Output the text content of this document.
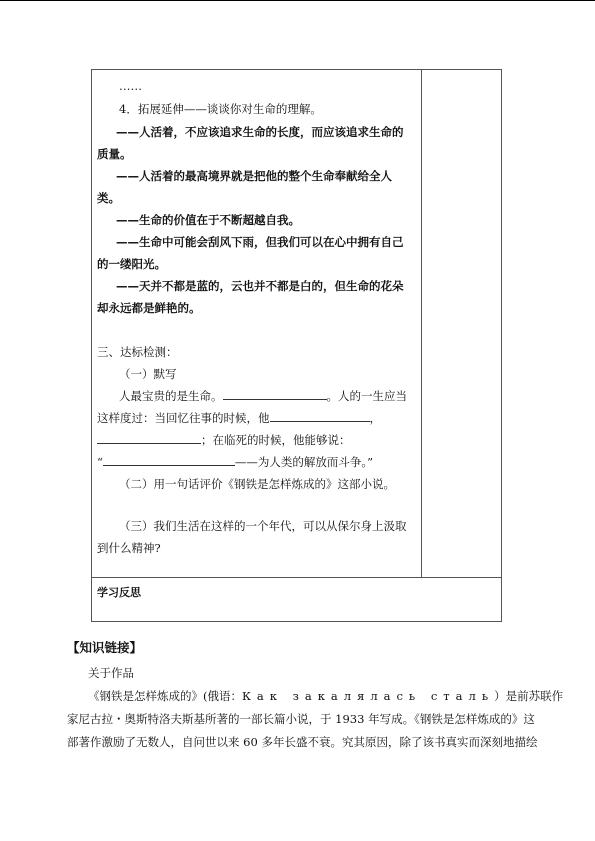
……
4．拓展延伸——谈谈你对生命的理解。
——人活着，不应该追求生命的长度，而应该追求生命的
质量。
——人活着的最高境界就是把他的整个生命奉献给全人
类。
——生命的价值在于不断超越自我。
——生命中可能会刮风下雨，但我们可以在心中拥有自己
的一缕阳光。
——天并不都是蓝的，云也并不都是白的，但生命的花朵
却永远都是鲜艳的。
三、达标检测：
（一）默写
人最宝贵的是生命。	。人的一生应当
这样度过：当回忆往事的时候，他	，
；在临死的时候，他能够说：
“	——为人类的解放而斗争。”
（二）用一句话评价《钢铁是怎样炼成的》这部小说。
（三）我们生活在这样的一个年代，可以从保尔身上汲取
到什么精神?
学习反思
【知识链接】
关于作品
《钢铁是怎样炼成的》(俄语：Как закалялась сталь）是前苏联作
家尼古拉・奥斯特洛夫斯基所著的一部长篇小说，于 1933 年写成。《钢铁是怎样炼成的》这
部著作激励了无数人，自问世以来 60 多年长盛不衰。究其原因，除了该书真实而深刻地描绘
